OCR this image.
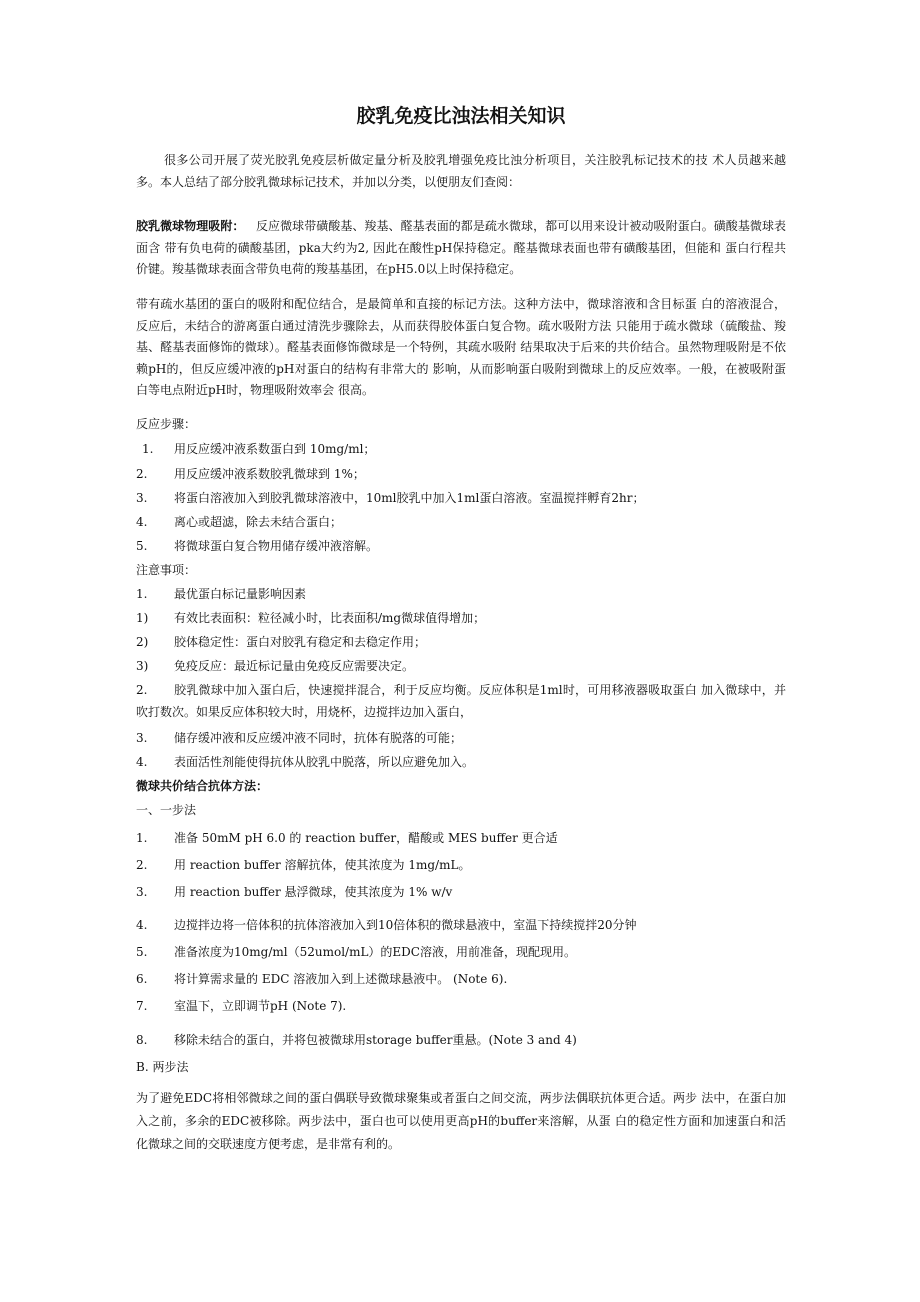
胶乳免疫比浊法相关知识

很多公司开展了荧光胶乳免疫层析做定量分析及胶乳增强免疫比浊分析项目，关注胶乳标记技术的技 术人员越来越多。本人总结了部分胶乳微球标记技术，并加以分类，以便朋友们查阅：

胶乳微球物理吸附： 反应微球带磺酸基、羧基、醛基表面的都是疏水微球，都可以用来设计被动吸附蛋白。磺酸基微球表面含 带有负电荷的磺酸基团，pka大约为2, 因此在酸性pH保持稳定。醛基微球表面也带有磺酸基团，但能和 蛋白行程共价键。羧基微球表面含带负电荷的羧基基团，在pH5.0以上时保持稳定。

带有疏水基团的蛋白的吸附和配位结合，是最简单和直接的标记方法。这种方法中，微球溶液和含目标蛋 白的溶液混合，反应后，未结合的游离蛋白通过清洗步骤除去，从而获得胶体蛋白复合物。疏水吸附方法 只能用于疏水微球（硫酸盐、羧基、醛基表面修饰的微球）。醛基表面修饰微球是一个特例，其疏水吸附 结果取决于后来的共价结合。虽然物理吸附是不依赖pH的，但反应缓冲液的pH对蛋白的结构有非常大的 影响，从而影响蛋白吸附到微球上的反应效率。一般，在被吸附蛋白等电点附近pH时，物理吸附效率会 很高。

反应步骤：
1. 用反应缓冲液系数蛋白到 10mg/ml；
2. 用反应缓冲液系数胶乳微球到 1%；
3. 将蛋白溶液加入到胶乳微球溶液中，10ml胶乳中加入1ml蛋白溶液。室温搅拌孵育2hr；
4. 离心或超滤，除去未结合蛋白；
5. 将微球蛋白复合物用储存缓冲液溶解。
注意事项：
1. 最优蛋白标记量影响因素
1) 有效比表面积：粒径减小时，比表面积/mg微球值得增加；
2) 胶体稳定性：蛋白对胶乳有稳定和去稳定作用；
3) 免疫反应：最近标记量由免疫反应需要决定。
2. 胶乳微球中加入蛋白后，快速搅拌混合，利于反应均衡。反应体积是1ml时，可用移液器吸取蛋白 加入微球中，并吹打数次。如果反应体积较大时，用烧杯，边搅拌边加入蛋白，
3. 储存缓冲液和反应缓冲液不同时，抗体有脱落的可能；
4. 表面活性剂能使得抗体从胶乳中脱落，所以应避免加入。
微球共价结合抗体方法：
一、一步法
1. 准备 50mM pH 6.0 的 reaction buffer，醋酸或 MES buffer 更合适
2. 用 reaction buffer 溶解抗体，使其浓度为 1mg/mL。
3. 用 reaction buffer 悬浮微球，使其浓度为 1% w/v
4. 边搅拌边将一倍体积的抗体溶液加入到10倍体积的微球悬液中，室温下持续搅拌20分钟
5. 准备浓度为10mg/ml（52umol/mL）的EDC溶液，用前准备，现配现用。
6. 将计算需求量的 EDC 溶液加入到上述微球悬液中。 (Note 6).
7. 室温下，立即调节pH (Note 7).
8. 移除未结合的蛋白，并将包被微球用storage buffer重悬。(Note 3 and 4)
B. 两步法

为了避免EDC将相邻微球之间的蛋白偶联导致微球聚集或者蛋白之间交流，两步法偶联抗体更合适。两步 法中，在蛋白加入之前，多余的EDC被移除。两步法中，蛋白也可以使用更高pH的buffer来溶解，从蛋 白的稳定性方面和加速蛋白和活化微球之间的交联速度方便考虑，是非常有利的。
